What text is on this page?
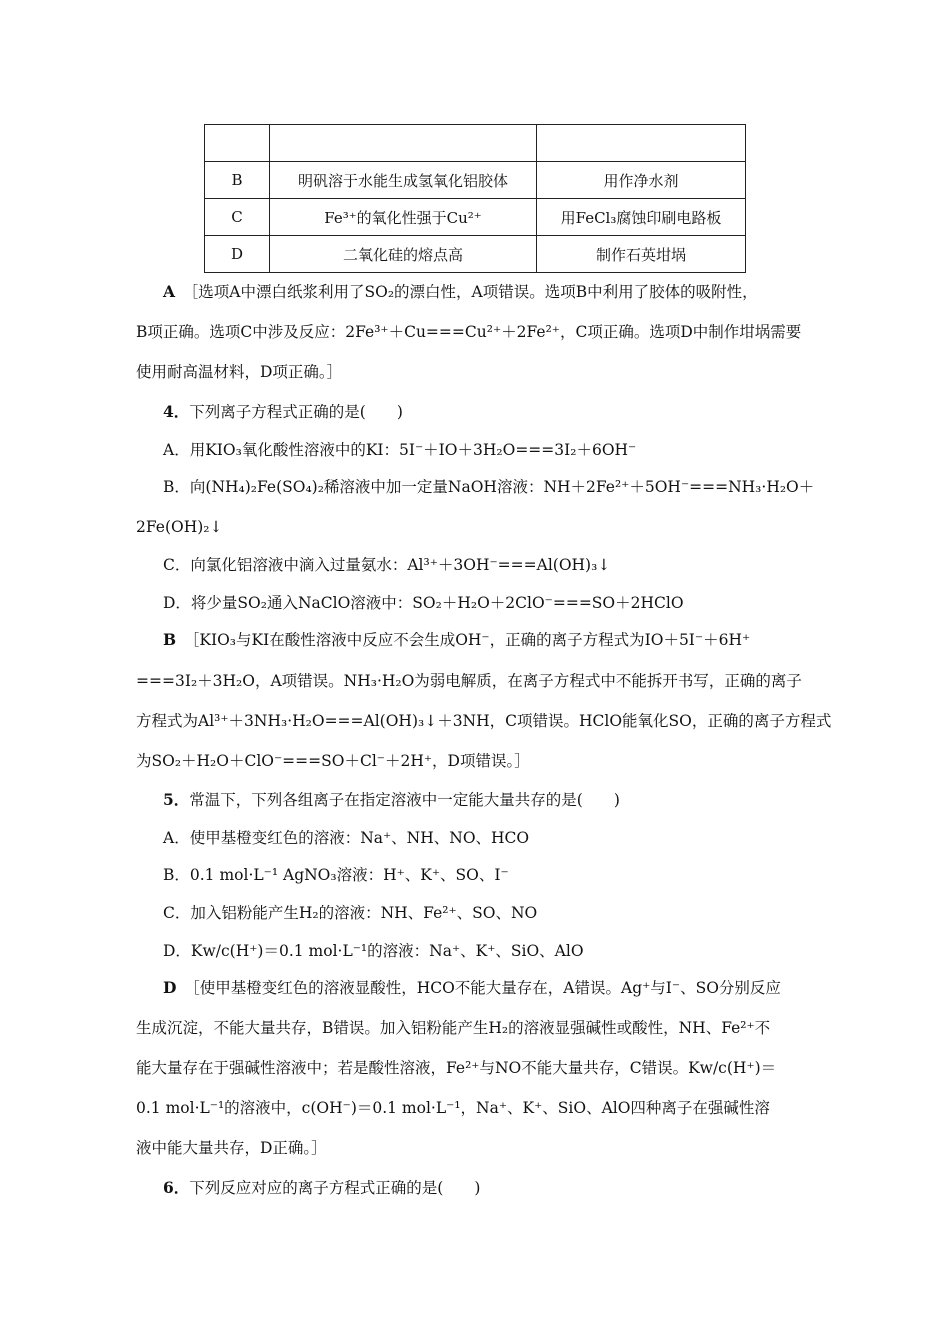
B	明矾溶于水能生成氢氧化铝胶体	用作净水剂
C	Fe³⁺的氧化性强于Cu²⁺	用FeCl₃腐蚀印刷电路板
D	二氧化硅的熔点高	制作石英坩埚
A　 ［选项A中漂白纸浆利用了SO₂的漂白性，A项错误。选项B中利用了胶体的吸附性，
B项正确。选项C中涉及反应：2Fe³⁺＋Cu===Cu²⁺＋2Fe²⁺，C项正确。选项D中制作坩埚需要
使用耐高温材料，D项正确。］
4．下列离子方程式正确的是(　　)
A．用KIO₃氧化酸性溶液中的KI：5I⁻＋IO＋3H₂O===3I₂＋6OH⁻
B．向(NH₄)₂Fe(SO₄)₂稀溶液中加一定量NaOH溶液：NH＋2Fe²⁺＋5OH⁻===NH₃·H₂O＋
2Fe(OH)₂↓
C．向氯化铝溶液中滴入过量氨水：Al³⁺＋3OH⁻===Al(OH)₃↓
D．将少量SO₂通入NaClO溶液中：SO₂＋H₂O＋2ClO⁻===SO＋2HClO
B　 ［KIO₃与KI在酸性溶液中反应不会生成OH⁻，正确的离子方程式为IO＋5I⁻＋6H⁺
===3I₂＋3H₂O，A项错误。NH₃·H₂O为弱电解质，在离子方程式中不能拆开书写，正确的离子
方程式为Al³⁺＋3NH₃·H₂O===Al(OH)₃↓＋3NH，C项错误。HClO能氧化SO，正确的离子方程式
为SO₂＋H₂O＋ClO⁻===SO＋Cl⁻＋2H⁺，D项错误。］
5．常温下，下列各组离子在指定溶液中一定能大量共存的是(　　)
A．使甲基橙变红色的溶液：Na⁺、NH、NO、HCO
B．0.1 mol·L⁻¹ AgNO₃溶液：H⁺、K⁺、SO、I⁻
C．加入铝粉能产生H₂的溶液：NH、Fe²⁺、SO、NO
D．Kw/c(H⁺)＝0.1 mol·L⁻¹的溶液：Na⁺、K⁺、SiO、AlO
D　 ［使甲基橙变红色的溶液显酸性，HCO不能大量存在，A错误。Ag⁺与I⁻、SO分别反应
生成沉淀，不能大量共存，B错误。加入铝粉能产生H₂的溶液显强碱性或酸性，NH、Fe²⁺不
能大量存在于强碱性溶液中；若是酸性溶液，Fe²⁺与NO不能大量共存，C错误。Kw/c(H⁺)＝
0.1 mol·L⁻¹的溶液中，c(OH⁻)＝0.1 mol·L⁻¹，Na⁺、K⁺、SiO、AlO四种离子在强碱性溶
液中能大量共存，D正确。］
6．下列反应对应的离子方程式正确的是(　　)
